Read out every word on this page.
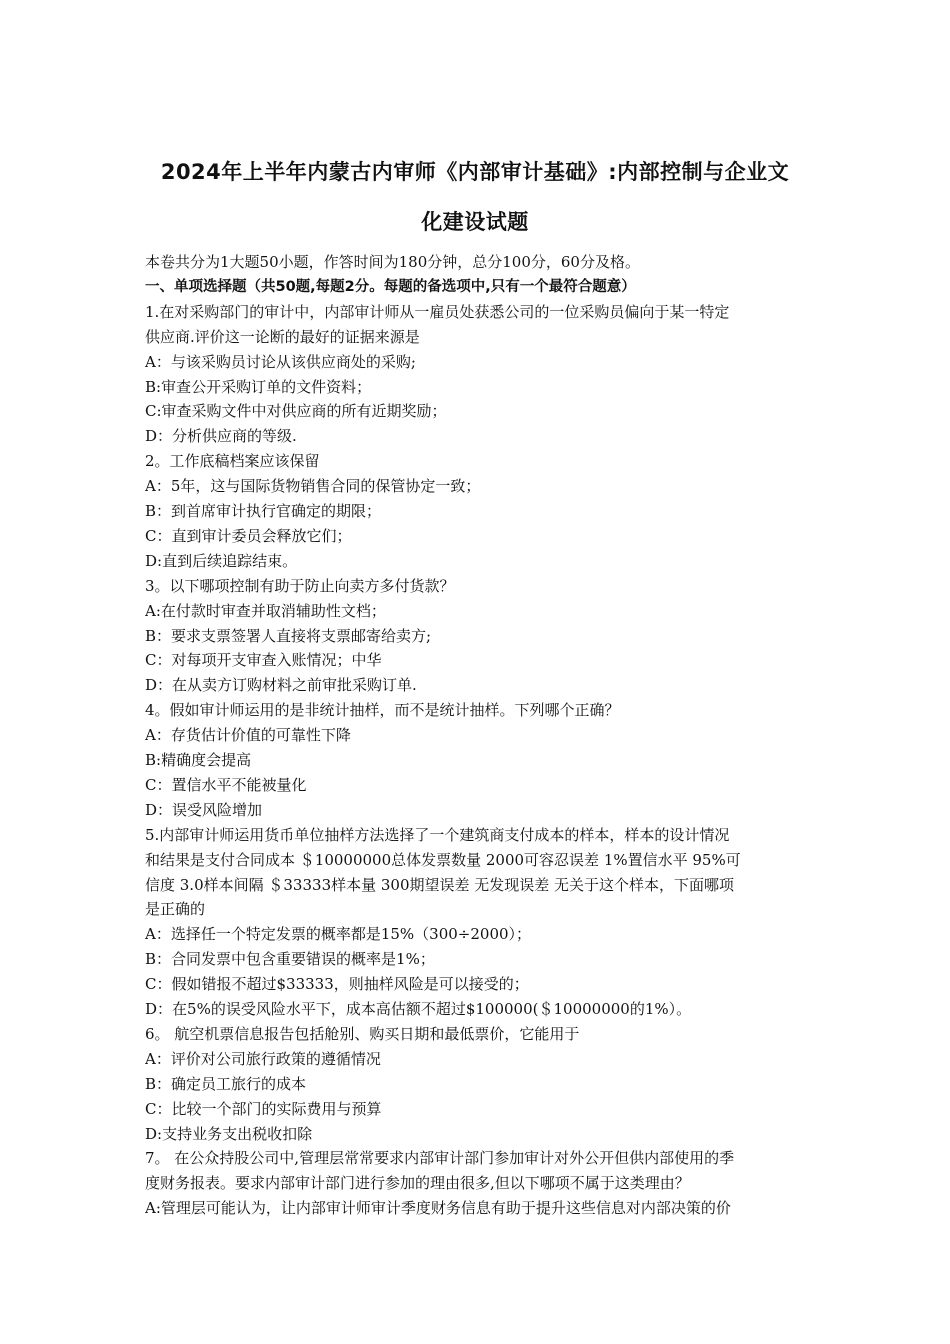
2024年上半年内蒙古内审师《内部审计基础》:内部控制与企业文
化建设试题
本卷共分为1大题50小题，作答时间为180分钟，总分100分，60分及格。
一、单项选择题（共50题,每题2分。每题的备选项中,只有一个最符合题意）
1.在对采购部门的审计中，内部审计师从一雇员处获悉公司的一位采购员偏向于某一特定
供应商.评价这一论断的最好的证据来源是
A：与该采购员讨论从该供应商处的采购;
B:审查公开采购订单的文件资料；
C:审查采购文件中对供应商的所有近期奖励；
D：分析供应商的等级.
2。工作底稿档案应该保留
A：5年，这与国际货物销售合同的保管协定一致；
B：到首席审计执行官确定的期限；
C：直到审计委员会释放它们；
D:直到后续追踪结束。
3。以下哪项控制有助于防止向卖方多付货款？
A:在付款时审查并取消辅助性文档；
B：要求支票签署人直接将支票邮寄给卖方;
C：对每项开支审查入账情况；中华
D：在从卖方订购材料之前审批采购订单.
4。假如审计师运用的是非统计抽样，而不是统计抽样。下列哪个正确？
A：存货估计价值的可靠性下降
B:精确度会提高
C：置信水平不能被量化
D：误受风险增加
5.内部审计师运用货币单位抽样方法选择了一个建筑商支付成本的样本，样本的设计情况
和结果是支付合同成本 ＄10000000总体发票数量 2000可容忍误差 1%置信水平 95%可
信度 3.0样本间隔 ＄33333样本量 300期望误差 无发现误差 无关于这个样本，下面哪项
是正确的
A：选择任一个特定发票的概率都是15%（300÷2000）；
B：合同发票中包含重要错误的概率是1%；
C：假如错报不超过$33333，则抽样风险是可以接受的；
D：在5%的误受风险水平下，成本高估额不超过$100000(＄10000000的1%）。
6。 航空机票信息报告包括舱别、购买日期和最低票价，它能用于
A：评价对公司旅行政策的遵循情况
B：确定员工旅行的成本
C：比较一个部门的实际费用与预算
D:支持业务支出税收扣除
7。 在公众持股公司中,管理层常常要求内部审计部门参加审计对外公开但供内部使用的季
度财务报表。要求内部审计部门进行参加的理由很多,但以下哪项不属于这类理由？
A:管理层可能认为，让内部审计师审计季度财务信息有助于提升这些信息对内部决策的价
